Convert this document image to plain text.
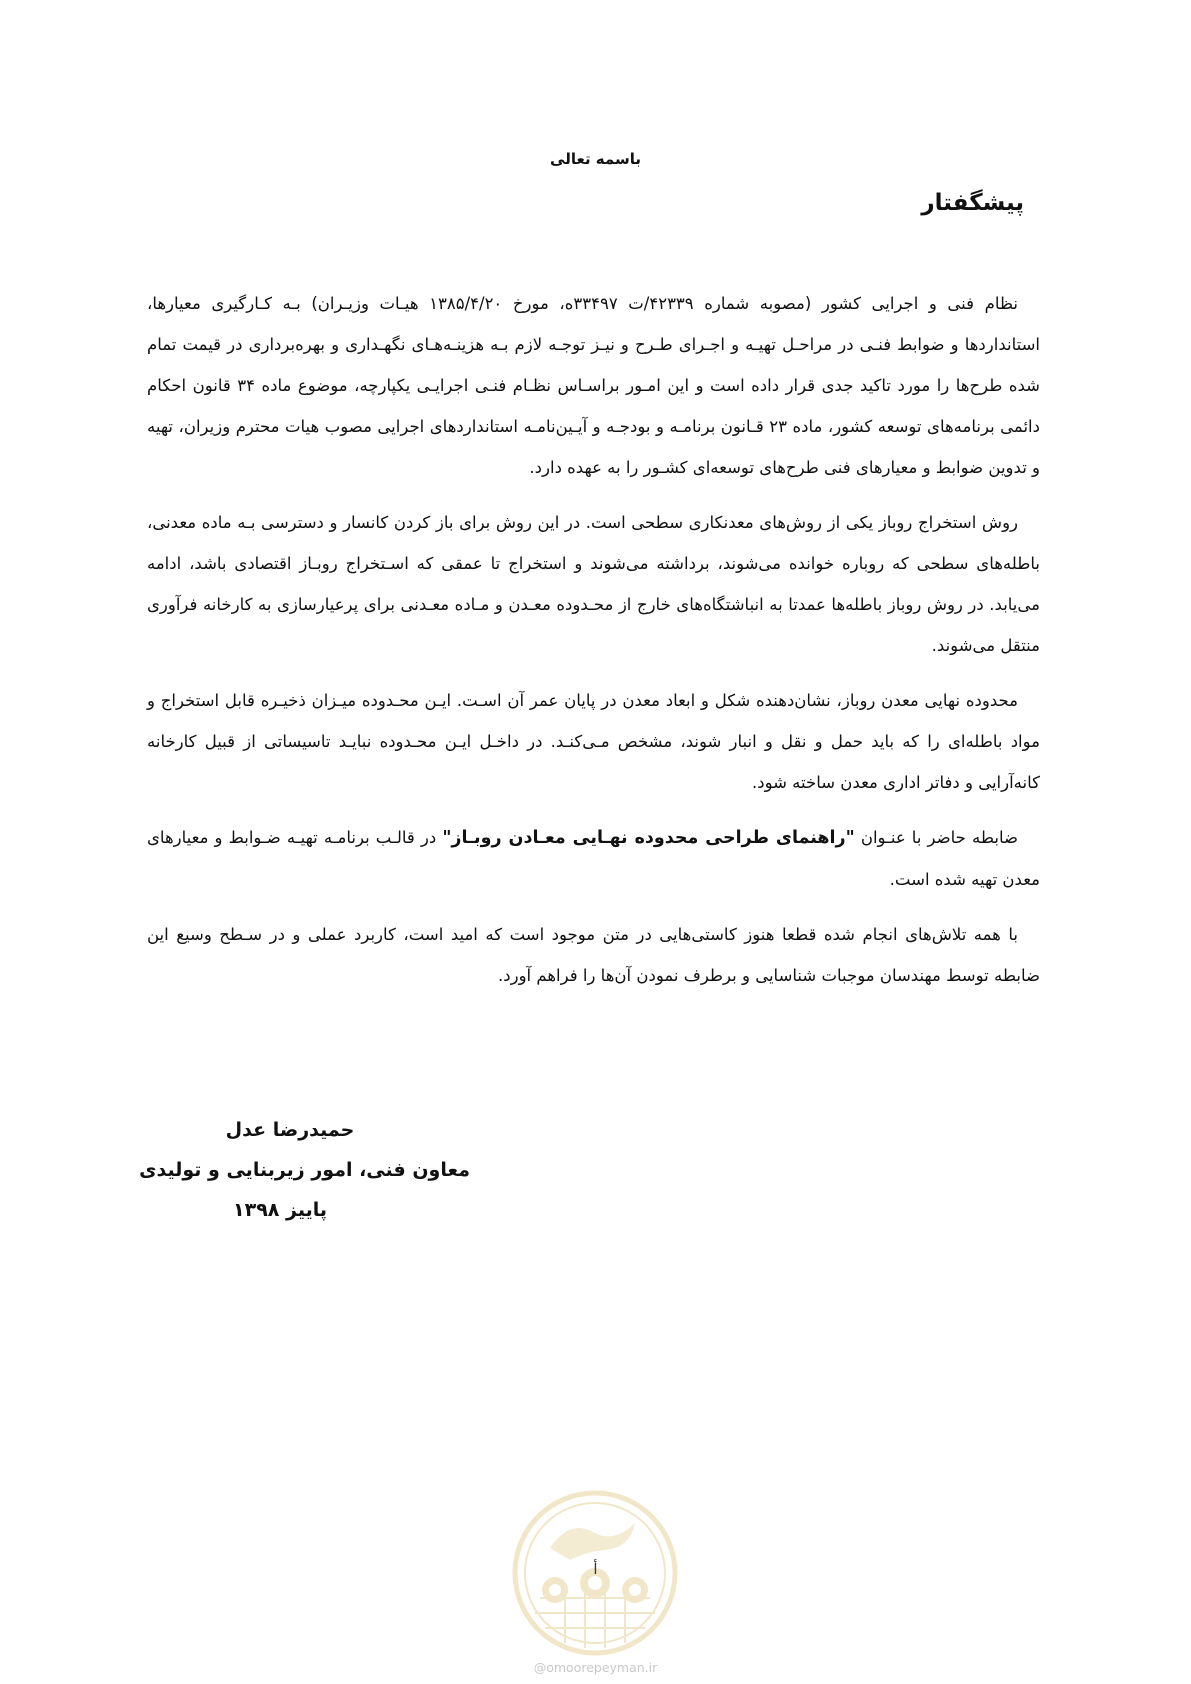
باسمه تعالی
پیشگفتار

نظام فنی و اجرایی کشور (مصوبه شماره ۴۲۳۳۹/ت ۳۳۴۹۷ه، مورخ ۱۳۸۵/۴/۲۰ هیـات وزیـران) بـه کـارگیری معیارها، استانداردها و ضوابط فنـی در مراحـل تهیـه و اجـرای طـرح و نیـز توجـه لازم بـه هزینـه‌هـای نگهـداری و بهره‌برداری در قیمت تمام شده طرح‌ها را مورد تاکید جدی قرار داده است و این امـور براسـاس نظـام فنـی اجرایـی یکپارچه، موضوع ماده ۳۴ قانون احکام دائمی برنامه‌های توسعه کشور، ماده ۲۳ قـانون برنامـه و بودجـه و آیـین‌نامـه استانداردهای اجرایی مصوب هیات محترم وزیران، تهیه و تدوین ضوابط و معیارهای فنی طرح‌های توسعه‌ای کشـور را به عهده دارد.

روش استخراج روباز یکی از روش‌های معدنکاری سطحی است. در این روش برای باز کردن کانسار و دسترسی بـه ماده معدنی، باطله‌های سطحی که روباره خوانده می‌شوند، برداشته می‌شوند و استخراج تا عمقی که اسـتخراج روبـاز اقتصادی باشد، ادامه می‌یابد. در روش روباز باطله‌ها عمدتا به انباشتگاه‌های خارج از محـدوده معـدن و مـاده معـدنی برای پرعیارسازی به کارخانه فرآوری منتقل می‌شوند.

محدوده نهایی معدن روباز، نشان‌دهنده شکل و ابعاد معدن در پایان عمر آن اسـت. ایـن محـدوده میـزان ذخیـره قابل استخراج و مواد باطله‌ای را که باید حمل و نقل و انبار شوند، مشخص مـی‌کنـد. در داخـل ایـن محـدوده نبایـد تاسیساتی از قبیل کارخانه کانه‌آرایی و دفاتر اداری معدن ساخته شود.

ضابطه حاضر با عنـوان "راهنمای طراحی محدوده نهـایی معـادن روبـاز" در قالـب برنامـه تهیـه ضـوابط و معیارهای معدن تهیه شده است.

با همه تلاش‌های انجام شده قطعا هنوز کاستی‌هایی در متن موجود است که امید است، کاربرد عملی و در سـطح وسیع این ضابطه توسط مهندسان موجبات شناسایی و برطرف نمودن آن‌ها را فراهم آورد.

حمیدرضا عدل
معاون فنی، امور زیربنایی و تولیدی
پاییز ۱۳۹۸
أ
@omoorepeyman.ir
